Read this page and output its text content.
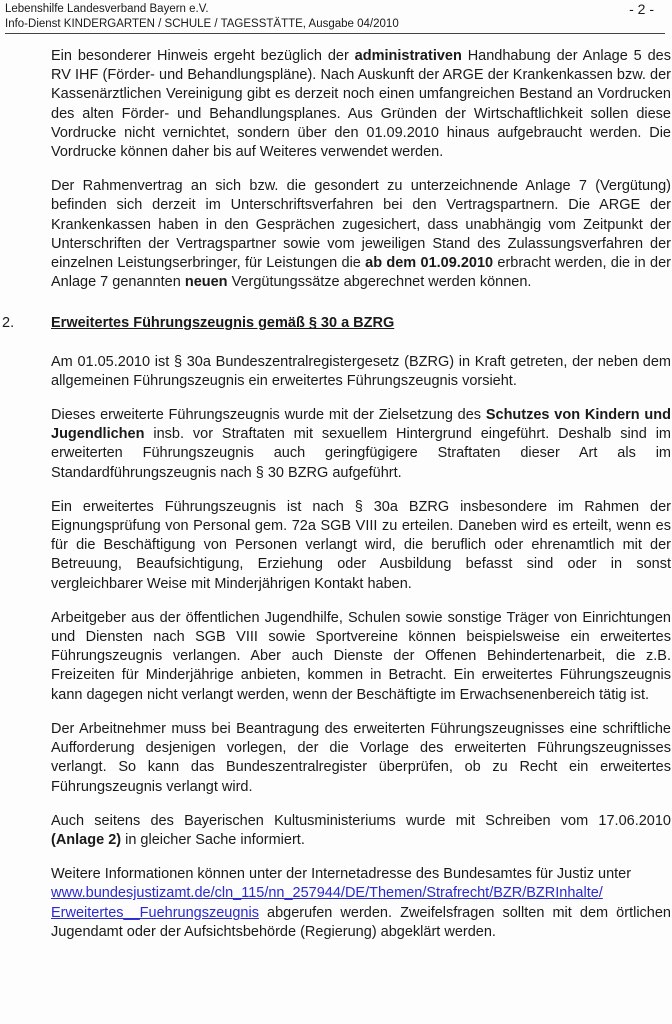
Lebenshilfe Landesverband Bayern e.V.
Info-Dienst KINDERGARTEN / SCHULE / TAGESSTÄTTE, Ausgabe 04/2010
- 2 -

Ein besonderer Hinweis ergeht bezüglich der administrativen Handhabung der Anlage 5 des RV IHF (Förder- und Behandlungspläne). Nach Auskunft der ARGE der Krankenkassen bzw. der Kassenärztlichen Vereinigung gibt es derzeit noch einen umfangreichen Bestand an Vordrucken des alten Förder- und Behandlungsplanes. Aus Gründen der Wirtschaftlichkeit sollen diese Vordrucke nicht vernichtet, sondern über den 01.09.2010 hinaus aufgebraucht werden. Die Vordrucke können daher bis auf Weiteres verwendet werden.

Der Rahmenvertrag an sich bzw. die gesondert zu unterzeichnende Anlage 7 (Vergütung) befinden sich derzeit im Unterschriftsverfahren bei den Vertragspartnern. Die ARGE der Krankenkassen haben in den Gesprächen zugesichert, dass unabhängig vom Zeitpunkt der Unterschriften der Vertragspartner sowie vom jeweiligen Stand des Zulassungsverfahren der einzelnen Leistungserbringer, für Leistungen die ab dem 01.09.2010 erbracht werden, die in der Anlage 7 genannten neuen Vergütungssätze abgerechnet werden können.

2.	Erweitertes Führungszeugnis gemäß § 30 a BZRG

Am 01.05.2010 ist § 30a Bundeszentralregistergesetz (BZRG) in Kraft getreten, der neben dem allgemeinen Führungszeugnis ein erweitertes Führungszeugnis vorsieht.

Dieses erweiterte Führungszeugnis wurde mit der Zielsetzung des Schutzes von Kindern und Jugendlichen insb. vor Straftaten mit sexuellem Hintergrund eingeführt. Deshalb sind im erweiterten Führungszeugnis auch geringfügigere Straftaten dieser Art als im Standardführungszeugnis nach § 30 BZRG aufgeführt.

Ein erweitertes Führungszeugnis ist nach § 30a BZRG insbesondere im Rahmen der Eignungsprüfung von Personal gem. 72a SGB VIII zu erteilen. Daneben wird es erteilt, wenn es für die Beschäftigung von Personen verlangt wird, die beruflich oder ehrenamtlich mit der Betreuung, Beaufsichtigung, Erziehung oder Ausbildung befasst sind oder in sonst vergleichbarer Weise mit Minderjährigen Kontakt haben.

Arbeitgeber aus der öffentlichen Jugendhilfe, Schulen sowie sonstige Träger von Einrichtungen und Diensten nach SGB VIII sowie Sportvereine können beispielsweise ein erweitertes Führungszeugnis verlangen. Aber auch Dienste der Offenen Behindertenarbeit, die z.B. Freizeiten für Minderjährige anbieten, kommen in Betracht. Ein erweitertes Führungszeugnis kann dagegen nicht verlangt werden, wenn der Beschäftigte im Erwachsenenbereich tätig ist.

Der Arbeitnehmer muss bei Beantragung des erweiterten Führungszeugnisses eine schriftliche Aufforderung desjenigen vorlegen, der die Vorlage des erweiterten Führungszeugnisses verlangt. So kann das Bundeszentralregister überprüfen, ob zu Recht ein erweitertes Führungszeugnis verlangt wird.

Auch seitens des Bayerischen Kultusministeriums wurde mit Schreiben vom 17.06.2010 (Anlage 2) in gleicher Sache informiert.

Weitere Informationen können unter der Internetadresse des Bundesamtes für Justiz unter
www.bundesjustizamt.de/cln_115/nn_257944/DE/Themen/Strafrecht/BZR/BZRInhalte/
Erweitertes__Fuehrungszeugnis abgerufen werden. Zweifelsfragen sollten mit dem örtlichen Jugendamt oder der Aufsichtsbehörde (Regierung) abgeklärt werden.
